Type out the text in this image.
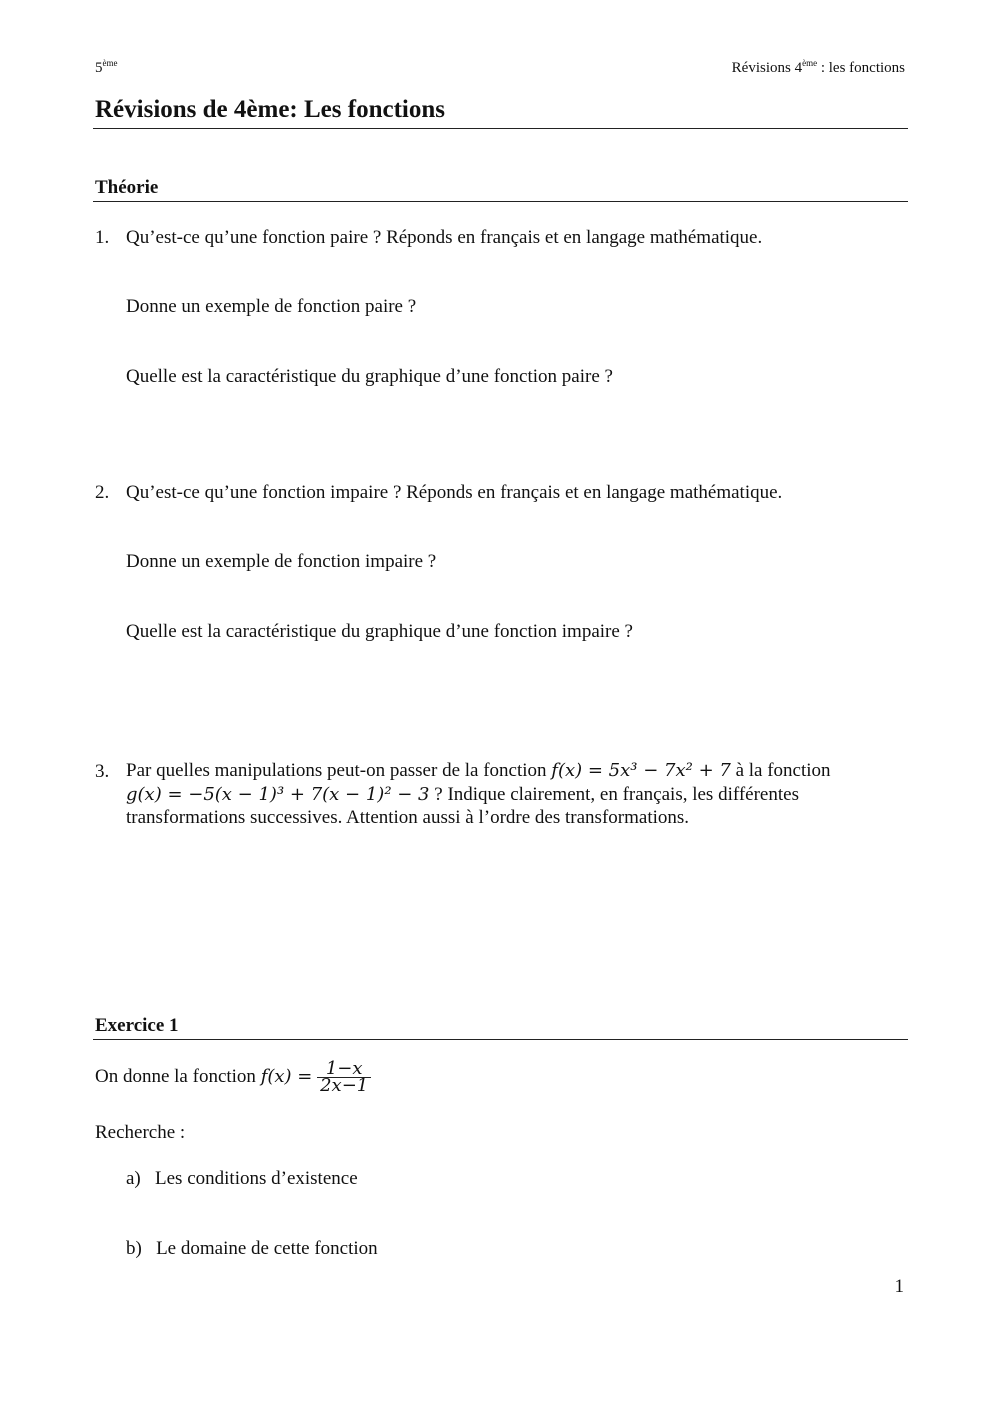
5ème	Révisions 4ème : les fonctions
Révisions de 4ème: Les fonctions
Théorie
1. Qu’est-ce qu’une fonction paire ? Réponds en français et en langage mathématique.
Donne un exemple de fonction paire ?
Quelle est la caractéristique du graphique d’une fonction paire ?
2. Qu’est-ce qu’une fonction impaire ? Réponds en français et en langage mathématique.
Donne un exemple de fonction impaire ?
Quelle est la caractéristique du graphique d’une fonction impaire ?
3. Par quelles manipulations peut-on passer de la fonction f(x) = 5x³ − 7x² + 7 à la fonction
g(x) = −5(x − 1)³ + 7(x − 1)² − 3 ? Indique clairement, en français, les différentes
transformations successives. Attention aussi à l’ordre des transformations.
Exercice 1
On donne la fonction $f(x) = \frac{1-x}{2x-1}$
Recherche :
a) Les conditions d’existence
b) Le domaine de cette fonction
1
